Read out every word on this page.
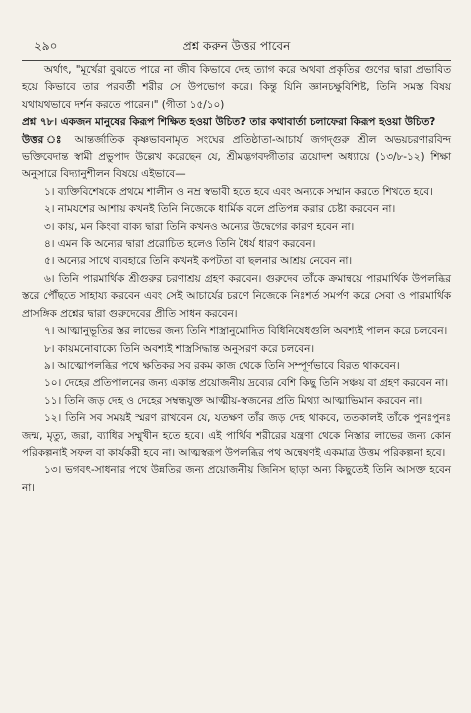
২৯০	প্রশ্ন করুন উত্তর পাবেন

অর্থাৎ, "মূর্খেরা বুঝতে পারে না জীব কিভাবে দেহ ত্যাগ করে অথবা প্রকৃতির গুণের দ্বারা প্রভাবিত হয়ে কিভাবে তার পরবর্তী শরীর সে উপভোগ করে। কিন্তু যিনি জ্ঞানচক্ষুবিশিষ্ট, তিনি সমস্ত বিষয় যথাযথভাবে দর্শন করতে পারেন।" (গীতা ১৫/১০)

প্রশ্ন ৭৮। একজন মানুষের কিরূপ শিক্ষিত হওয়া উচিত? তার কথাবার্তা চলাফেরা কিরূপ হওয়া উচিত?

উত্তর ঃ আন্তর্জাতিক কৃষ্ণভাবনামৃত সংঘের প্রতিষ্ঠাতা-আচার্য জগদ্গুরু শ্রীল অভয়চরণারবিন্দ ভক্তিবেদান্ত স্বামী প্রভুপাদ উল্লেখ করেছেন যে, শ্রীমদ্ভগবদ্গীতার ত্রয়োদশ অধ্যায়ে (১৩/৮-১২) শিক্ষা অনুসারে বিদ্যানুশীলন বিষয়ে এইভাবে—

১। ব্যক্তিবিশেষকে প্রথমে শালীন ও নম্র স্বভাবী হতে হবে এবং অন্যকে সম্মান করতে শিখতে হবে।

২। নামযশের আশায় কখনই তিনি নিজেকে ধার্মিক বলে প্রতিপন্ন করার চেষ্টা করবেন না।

৩। কায়, মন কিংবা বাক্য দ্বারা তিনি কখনও অন্যের উদ্বেগের কারণ হবেন না।

৪। এমন কি অন্যের দ্বারা প্ররোচিত হলেও তিনি ধৈর্য ধারণ করবেন।

৫। অন্যের সাথে ব্যবহারে তিনি কখনই কপটতা বা ছলনার আশ্রয় নেবেন না।

৬। তিনি পারমার্থিক শ্রীগুরুর চরণাশ্রয় গ্রহণ করবেন। গুরুদেব তাঁকে ক্রমান্বয়ে পারমার্থিক উপলব্ধির স্তরে পৌঁছতে সাহায্য করবেন এবং সেই আচার্যের চরণে নিজেকে নিঃশর্ত সমর্পণ করে সেবা ও পারমার্থিক প্রাসঙ্গিক প্রশ্নের দ্বারা গুরুদেবের প্রীতি সাধন করবেন।

৭। আত্মানুভূতির স্তর লাভের জন্য তিনি শাস্ত্রানুমোদিত বিধিনিষেধগুলি অবশ্যই পালন করে চলবেন।

৮। কায়মনোবাক্যে তিনি অবশ্যই শাস্ত্রসিদ্ধান্ত অনুসরণ করে চলবেন।

৯। আত্মোপলব্ধির পথে ক্ষতিকর সব রকম কাজ থেকে তিনি সম্পূর্ণভাবে বিরত থাকবেন।

১০। দেহের প্রতিপালনের জন্য একান্ত প্রয়োজনীয় দ্রব্যের বেশি কিছু তিনি সঞ্চয় বা গ্রহণ করবেন না।

১১। তিনি জড় দেহ ও দেহের সম্বন্ধযুক্ত আত্মীয়-স্বজনের প্রতি মিথ্যা আত্মাভিমান করবেন না।

১২। তিনি সব সময়ই স্মরণ রাখবেন যে, যতক্ষণ তাঁর জড় দেহ থাকবে, ততকালই তাঁকে পুনঃপুনঃ জন্ম, মৃত্যু, জরা, ব্যাধির সম্মুখীন হতে হবে। এই পার্থিব শরীরের যন্ত্রণা থেকে নিস্তার লাভের জন্য কোন পরিকল্পনাই সফল বা কার্যকরী হবে না। আত্মস্বরূপ উপলব্ধির পথ অন্বেষণই একমাত্র উত্তম পরিকল্পনা হবে।

১৩। ভগবৎ-সাধনার পথে উন্নতির জন্য প্রয়োজনীয় জিনিস ছাড়া অন্য কিছুতেই তিনি আসক্ত হবেন না।
